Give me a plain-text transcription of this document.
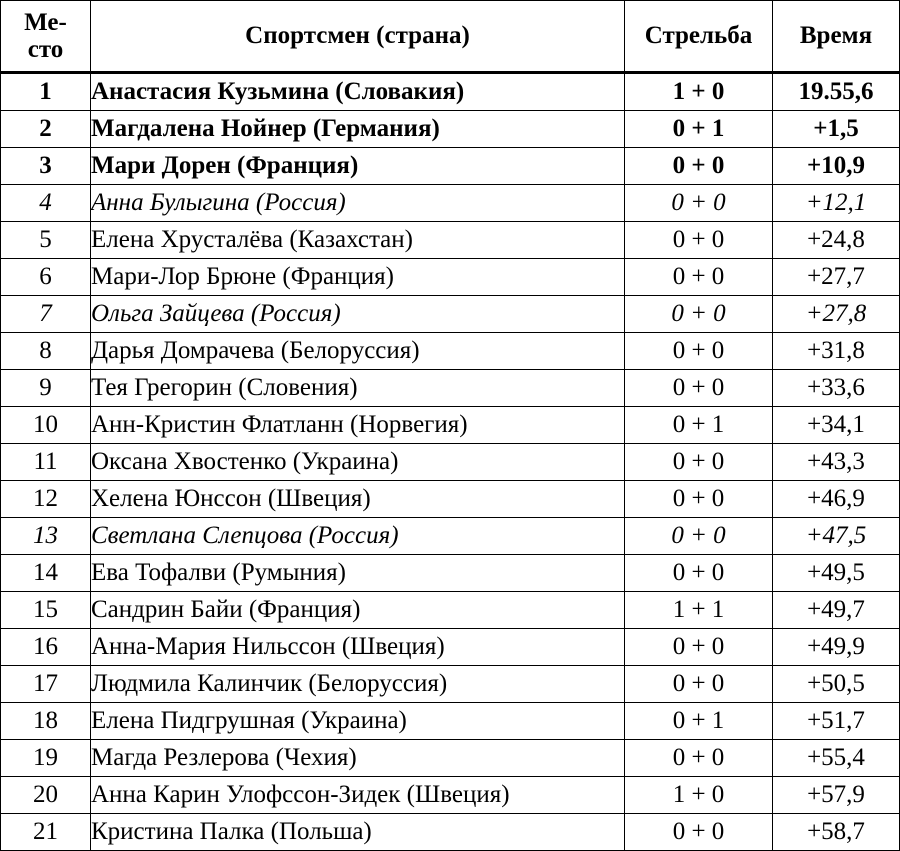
Ме-
сто	Спортсмен (страна)	Стрельба	Время
1	Анастасия Кузьмина (Словакия)	1 + 0	19.55,6
2	Магдалена Нойнер (Германия)	0 + 1	+1,5
3	Мари Дорен (Франция)	0 + 0	+10,9
4	Анна Булыгина (Россия)	0 + 0	+12,1
5	Елена Хрусталёва (Казахстан)	0 + 0	+24,8
6	Мари-Лор Брюне (Франция)	0 + 0	+27,7
7	Ольга Зайцева (Россия)	0 + 0	+27,8
8	Дарья Домрачева (Белоруссия)	0 + 0	+31,8
9	Тея Грегорин (Словения)	0 + 0	+33,6
10	Анн-Кристин Флатланн (Норвегия)	0 + 1	+34,1
11	Оксана Хвостенко (Украина)	0 + 0	+43,3
12	Хелена Юнссон (Швеция)	0 + 0	+46,9
13	Светлана Слепцова (Россия)	0 + 0	+47,5
14	Ева Тофалви (Румыния)	0 + 0	+49,5
15	Сандрин Байи (Франция)	1 + 1	+49,7
16	Анна-Мария Нильссон (Швеция)	0 + 0	+49,9
17	Людмила Калинчик (Белоруссия)	0 + 0	+50,5
18	Елена Пидгрушная (Украина)	0 + 1	+51,7
19	Магда Резлерова (Чехия)	0 + 0	+55,4
20	Анна Карин Улофссон-Зидек (Швеция)	1 + 0	+57,9
21	Кристина Палка (Польша)	0 + 0	+58,7
